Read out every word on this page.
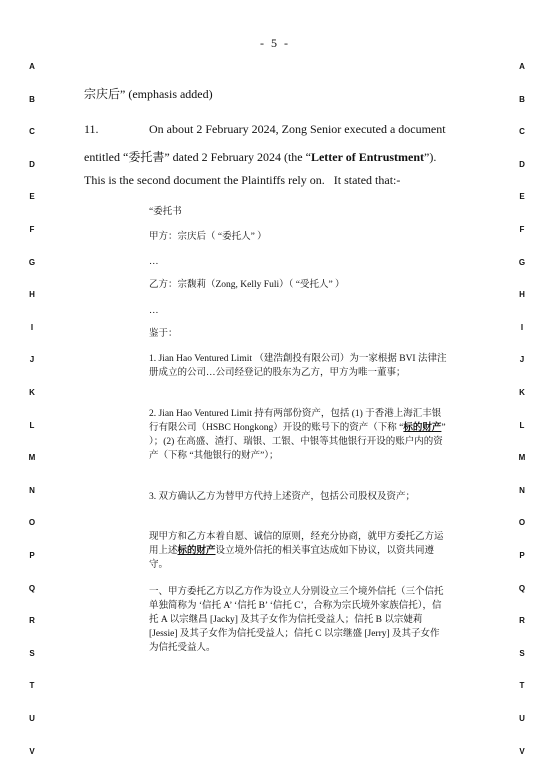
- 5 -
A
B
C
D
E
F
G
H
I
J
K
L
M
N
O
P
Q
R
S
T
U
V
A
B
C
D
E
F
G
H
I
J
K
L
M
N
O
P
Q
R
S
T
U
V

宗庆后” (emphasis added)

11.	On about 2 February 2024, Zong Senior executed a document

entitled “委托書” dated 2 February 2024 (the “Letter of Entrustment”).

This is the second document the Plaintiffs rely on.   It stated that:-

“委托书

甲方：宗庆后（ “委托人” ）

…

乙方：宗馥莉（Zong, Kelly Fuli）（ “受托人” ）

…

鉴于：

1. Jian Hao Ventured Limit （建浩創投有限公司）为一家根据 BVI 法律注册成立的公司…公司经登记的股东为乙方，甲方为唯一董事；

2. Jian Hao Ventured Limit 持有两部份资产，包括 (1) 于香港上海汇丰银行有限公司（HSBC Hongkong）开设的账号下的资产（下称 “标的财产” ）；(2) 在高盛、渣打、瑞银、工银、中银等其他银行开设的账户内的资产（下称 “其他银行的财产”）；

3. 双方确认乙方为替甲方代持上述资产，包括公司股权及资产；

现甲方和乙方本着自愿、诚信的原则，经充分协商，就甲方委托乙方运用上述标的财产设立境外信托的相关事宜达成如下协议，以资共同遵守。

一、甲方委托乙方以乙方作为设立人分别设立三个境外信托（三个信托单独简称为 ‘信托 A’ ‘信托 B’ ‘信托 C’，合称为宗氏境外家族信托），信托 A 以宗继昌 [Jacky] 及其子女作为信托受益人；信托 B 以宗婕莉 [Jessie] 及其子女作为信托受益人；信托 C 以宗继盛 [Jerry] 及其子女作为信托受益人。
